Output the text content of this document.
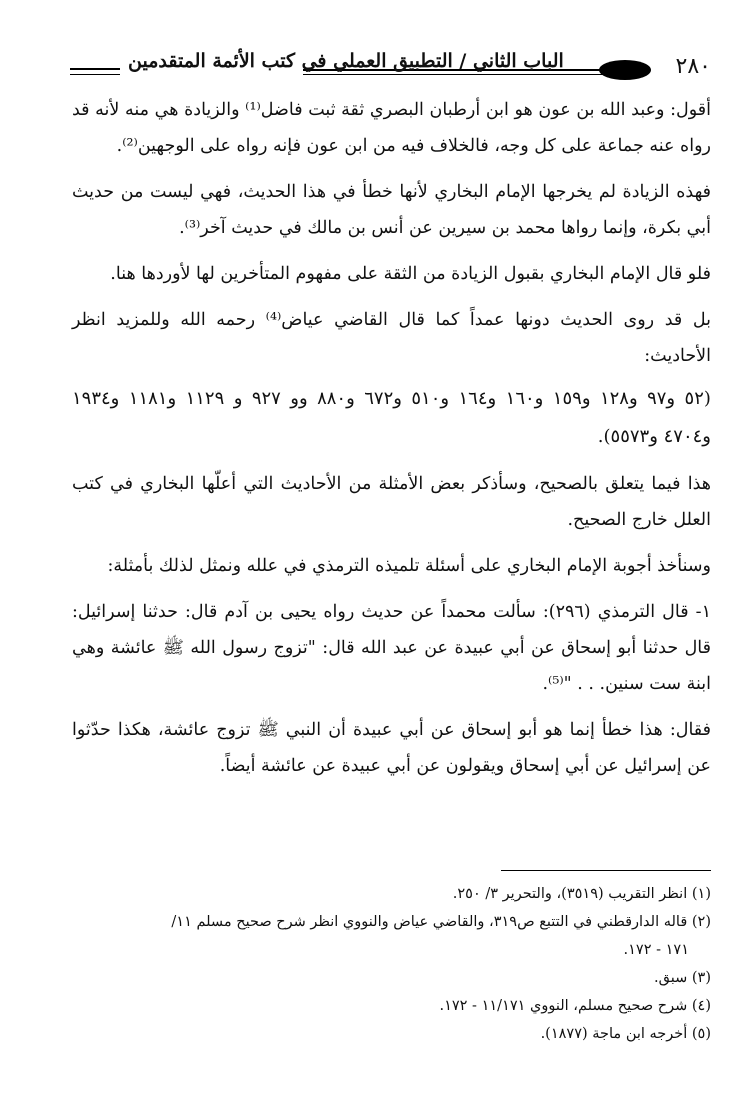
٢٨٠
الباب الثاني / التطبيق العملي في كتب الأئمة المتقدمين

أقول: وعبد الله بن عون هو ابن أرطبان البصري ثقة ثبت فاضل⁽¹⁾ والزيادة هي منه لأنه قد رواه عنه جماعة على كل وجه، فالخلاف فيه من ابن عون فإنه رواه على الوجهين⁽²⁾.

فهذه الزيادة لم يخرجها الإمام البخاري لأنها خطأ في هذا الحديث، فهي ليست من حديث أبي بكرة، وإنما رواها محمد بن سيرين عن أنس بن مالك في حديث آخر⁽³⁾.

فلو قال الإمام البخاري بقبول الزيادة من الثقة على مفهوم المتأخرين لها لأوردها هنا.

بل قد روى الحديث دونها عمداً كما قال القاضي عياض⁽⁴⁾ رحمه الله وللمزيد انظر الأحاديث:

(٥٢ و٩٧ و١٢٨ و١٥٩ و١٦٠ و١٦٤ و٥١٠ و٦٧٢ و٨٨٠ وو ٩٢٧ و ١١٢٩ و١١٨١ و١٩٣٤ و٤٧٠٤ و٥٥٧٣).

هذا فيما يتعلق بالصحيح، وسأذكر بعض الأمثلة من الأحاديث التي أعلّها البخاري في كتب العلل خارج الصحيح.

وسنأخذ أجوبة الإمام البخاري على أسئلة تلميذه الترمذي في علله ونمثل لذلك بأمثلة:

١- قال الترمذي (٢٩٦): سألت محمداً عن حديث رواه يحيى بن آدم قال: حدثنا إسرائيل: قال حدثنا أبو إسحاق عن أبي عبيدة عن عبد الله قال: "تزوج رسول الله ﷺ عائشة وهي ابنة ست سنين. . . "⁽⁵⁾.

فقال: هذا خطأ إنما هو أبو إسحاق عن أبي عبيدة أن النبي ﷺ تزوج عائشة، هكذا حدّثوا عن إسرائيل عن أبي إسحاق ويقولون عن أبي عبيدة عن عائشة أيضاً.

(١) انظر التقريب (٣٥١٩)، والتحرير ٣/ ٢٥٠.
(٢) قاله الدارقطني في التتبع ص٣١٩، والقاضي عياض والنووي انظر شرح صحيح مسلم ١١/
١٧١ - ١٧٢.
(٣) سبق.
(٤) شرح صحيح مسلم، النووي ١١/١٧١ - ١٧٢.
(٥) أخرجه ابن ماجة (١٨٧٧).
